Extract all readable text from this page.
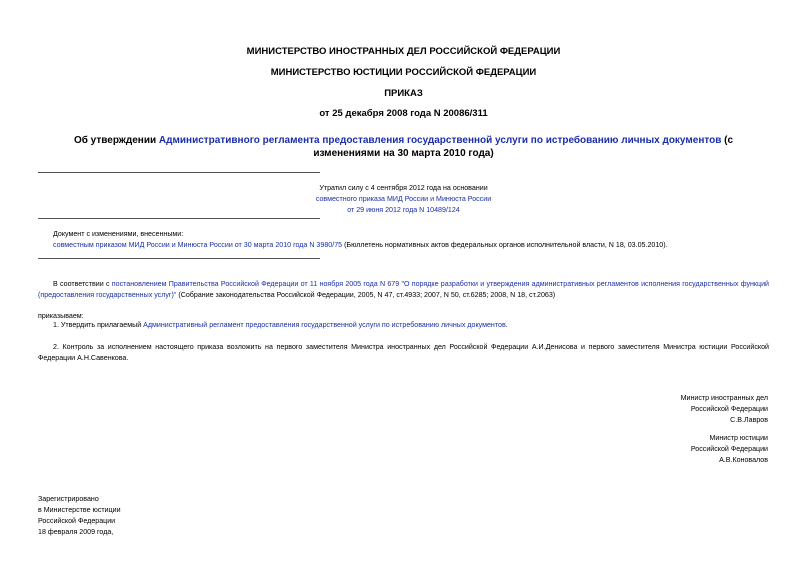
МИНИСТЕРСТВО ИНОСТРАННЫХ ДЕЛ РОССИЙСКОЙ ФЕДЕРАЦИИ
МИНИСТЕРСТВО ЮСТИЦИИ РОССИЙСКОЙ ФЕДЕРАЦИИ
ПРИКАЗ
от 25 декабря 2008 года N 20086/311
Об утверждении Административного регламента предоставления государственной услуги по истребованию личных документов (с изменениями на 30 марта 2010 года)
Утратил силу с 4 сентября 2012 года на основании
совместного приказа МИД России и Минюста России
от 29 июня 2012 года N 10489/124
Документ с изменениями, внесенными:
совместным приказом МИД России и Минюста России от 30 марта 2010 года N 3980/75 (Бюллетень нормативных актов федеральных органов исполнительной власти, N 18, 03.05.2010).
В соответствии с постановлением Правительства Российской Федерации от 11 ноября 2005 года N 679 "О порядке разработки и утверждения административных регламентов исполнения государственных функций (предоставления государственных услуг)" (Собрание законодательства Российской Федерации, 2005, N 47, ст.4933; 2007, N 50, ст.6285; 2008, N 18, ст.2063)
приказываем:
1. Утвердить прилагаемый Административный регламент предоставления государственной услуги по истребованию личных документов.
2. Контроль за исполнением настоящего приказа возложить на первого заместителя Министра иностранных дел Российской Федерации А.И.Денисова и первого заместителя Министра юстиции Российской Федерации А.Н.Савенкова.
Министр иностранных дел
Российской Федерации
С.В.Лавров
Министр юстиции
Российской Федерации
А.В.Коновалов
Зарегистрировано
в Министерстве юстиции
Российской Федерации
18 февраля 2009 года,
